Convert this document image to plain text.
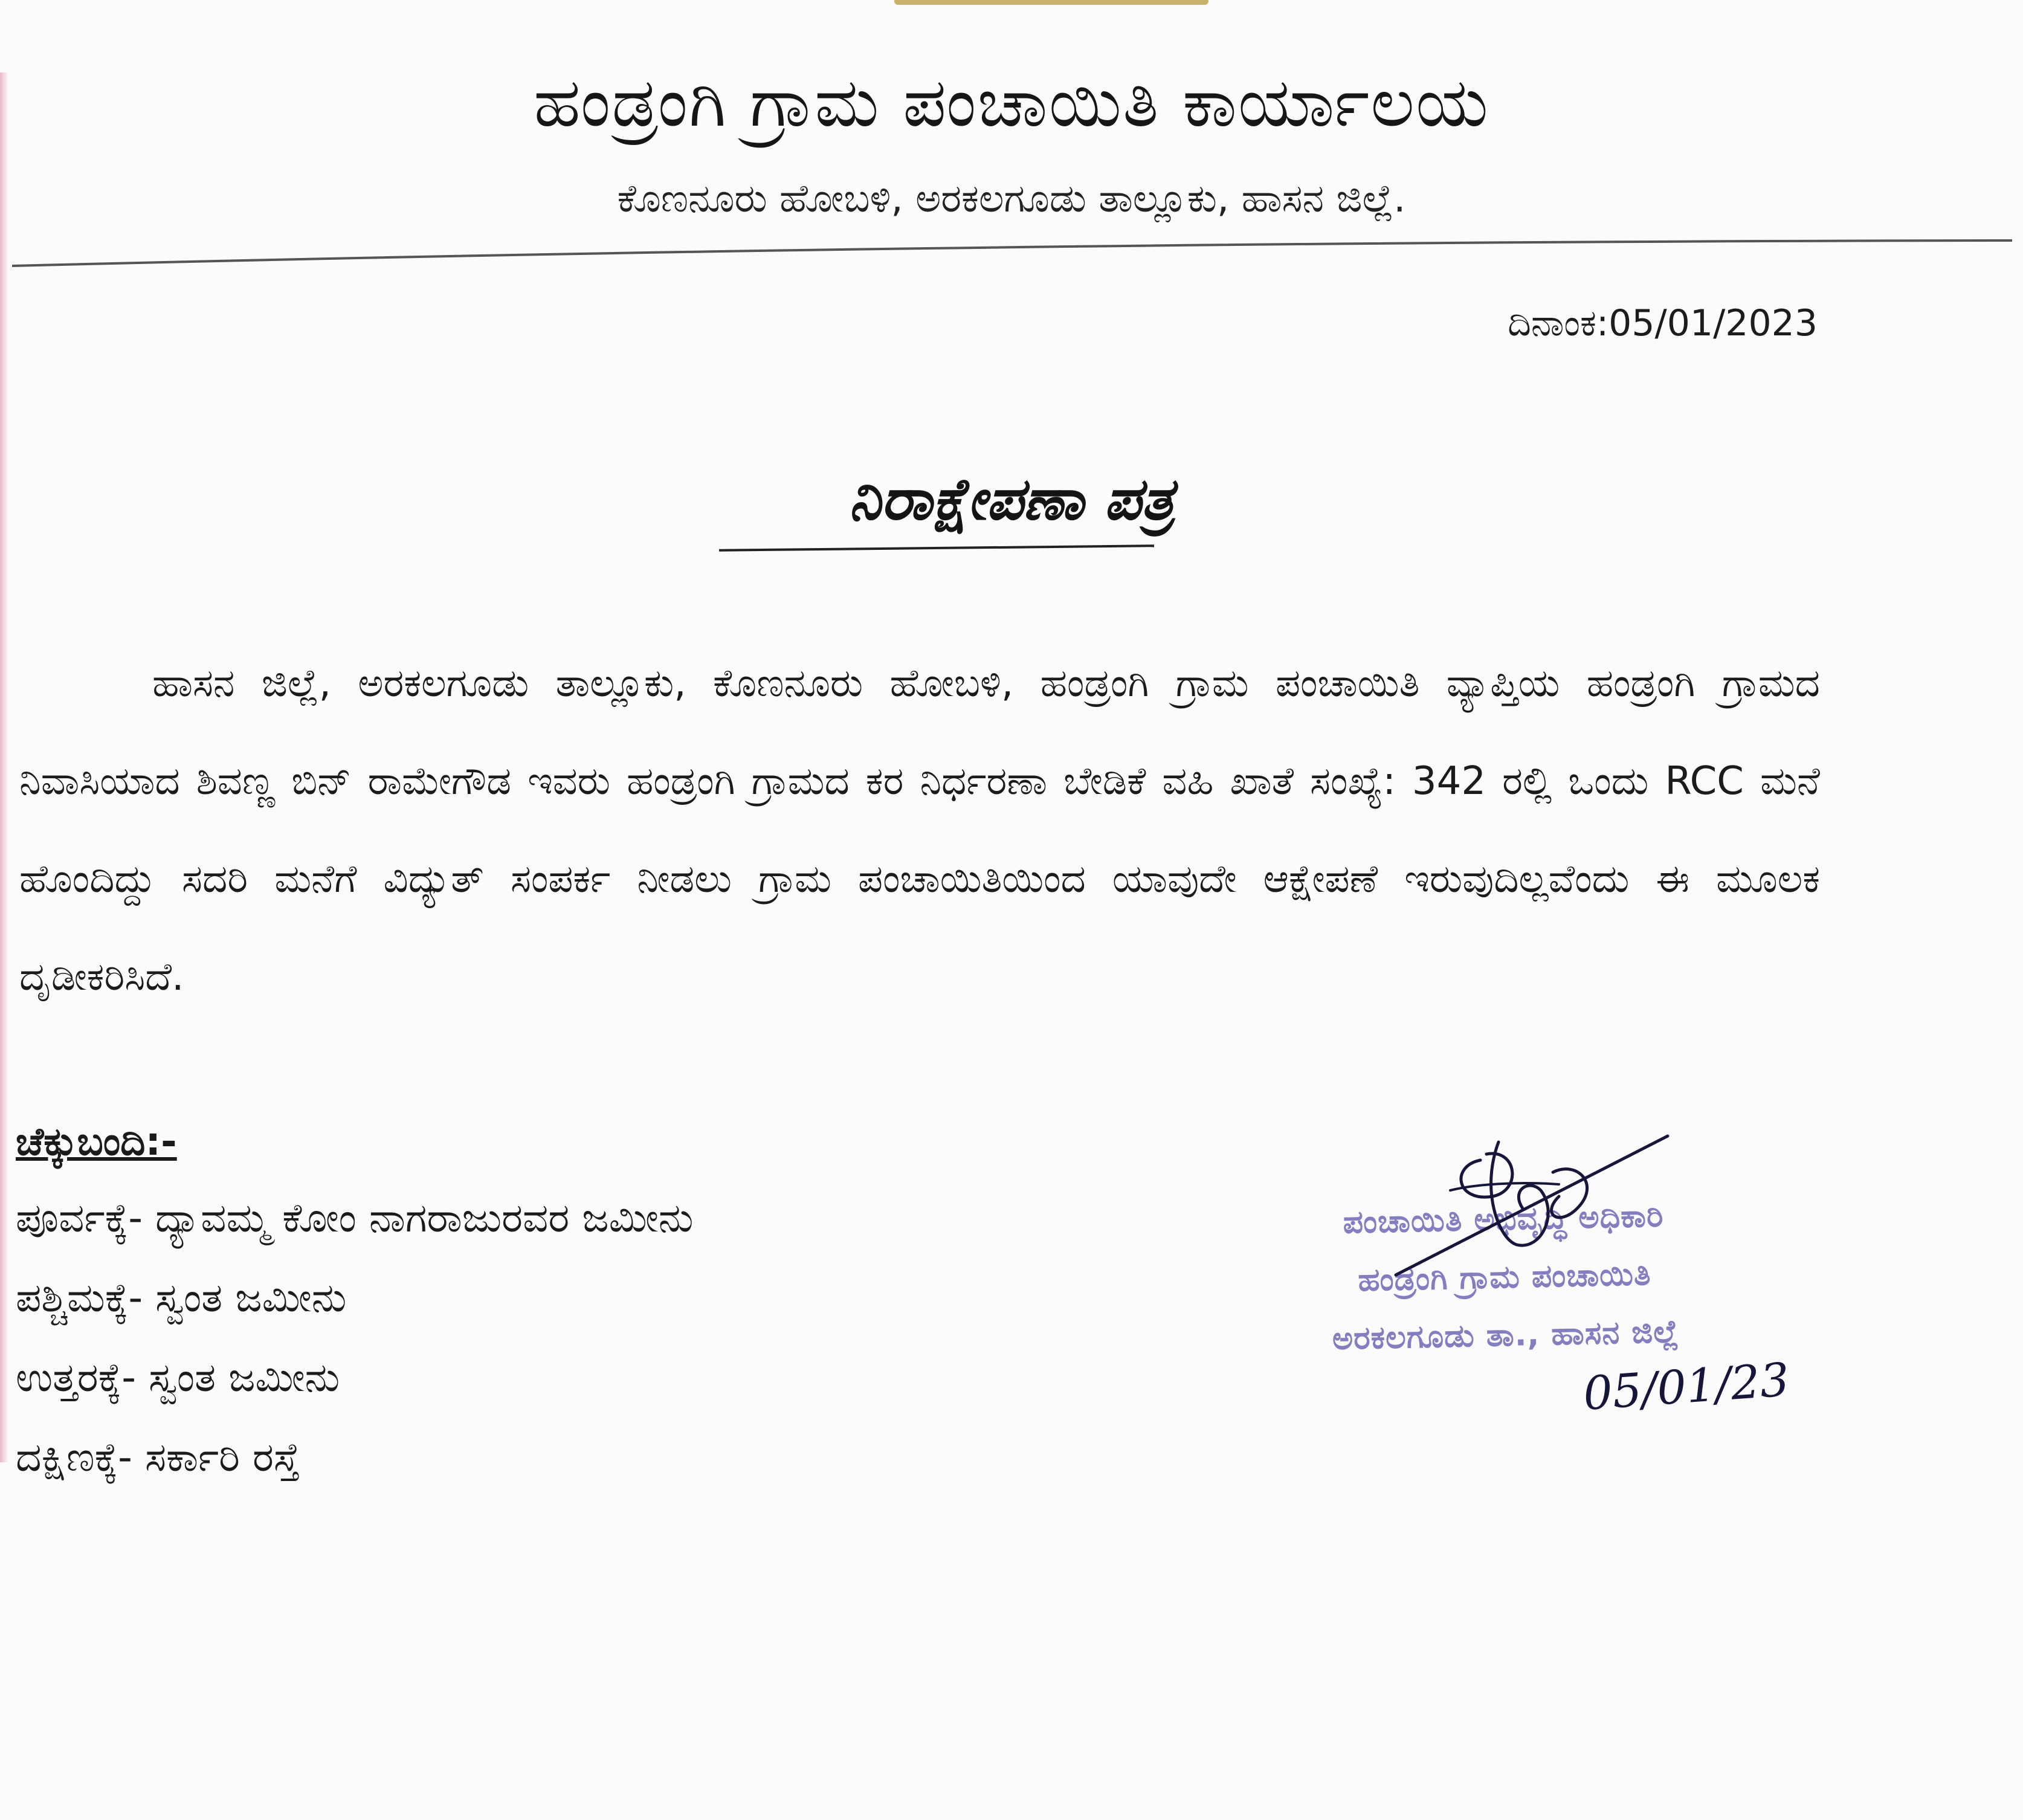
ಹಂಡ್ರಂಗಿ ಗ್ರಾಮ ಪಂಚಾಯಿತಿ ಕಾರ್ಯಾಲಯ
ಕೊಣನೂರು ಹೋಬಳಿ, ಅರಕಲಗೂಡು ತಾಲ್ಲೂಕು, ಹಾಸನ ಜಿಲ್ಲೆ.
ದಿನಾಂಕ:05/01/2023
ನಿರಾಕ್ಷೇಪಣಾ ಪತ್ರ

ಹಾಸನ ಜಿಲ್ಲೆ, ಅರಕಲಗೂಡು ತಾಲ್ಲೂಕು, ಕೊಣನೂರು ಹೋಬಳಿ, ಹಂಡ್ರಂಗಿ ಗ್ರಾಮ ಪಂಚಾಯಿತಿ ವ್ಯಾಪ್ತಿಯ ಹಂಡ್ರಂಗಿ ಗ್ರಾಮದ ನಿವಾಸಿಯಾದ ಶಿವಣ್ಣ ಬಿನ್ ರಾಮೇಗೌಡ ಇವರು ಹಂಡ್ರಂಗಿ ಗ್ರಾಮದ ಕರ ನಿರ್ಧರಣಾ ಬೇಡಿಕೆ ವಹಿ ಖಾತೆ ಸಂಖ್ಯೆ: 342 ರಲ್ಲಿ ಒಂದು RCC ಮನೆ ಹೊಂದಿದ್ದು ಸದರಿ ಮನೆಗೆ ವಿದ್ಯುತ್ ಸಂಪರ್ಕ ನೀಡಲು ಗ್ರಾಮ ಪಂಚಾಯಿತಿಯಿಂದ ಯಾವುದೇ ಆಕ್ಷೇಪಣೆ ಇರುವುದಿಲ್ಲವೆಂದು ಈ ಮೂಲಕ ದೃಡೀಕರಿಸಿದೆ.

ಚೆಕ್ಕುಬಂದಿ:-
ಪೂರ್ವಕ್ಕೆ- ದ್ಯಾವಮ್ಮ ಕೋಂ ನಾಗರಾಜುರವರ ಜಮೀನು
ಪಶ್ಚಿಮಕ್ಕೆ- ಸ್ವಂತ ಜಮೀನು
ಉತ್ತರಕ್ಕೆ- ಸ್ವಂತ ಜಮೀನು
ದಕ್ಷಿಣಕ್ಕೆ- ಸರ್ಕಾರಿ ರಸ್ತೆ
ಪಂಚಾಯಿತಿ ಅಭಿವೃದ್ಧಿ ಅಧಿಕಾರಿ
ಹಂಡ್ರಂಗಿ ಗ್ರಾಮ ಪಂಚಾಯಿತಿ
ಅರಕಲಗೂಡು ತಾ., ಹಾಸನ ಜಿಲ್ಲೆ
05/01/23
